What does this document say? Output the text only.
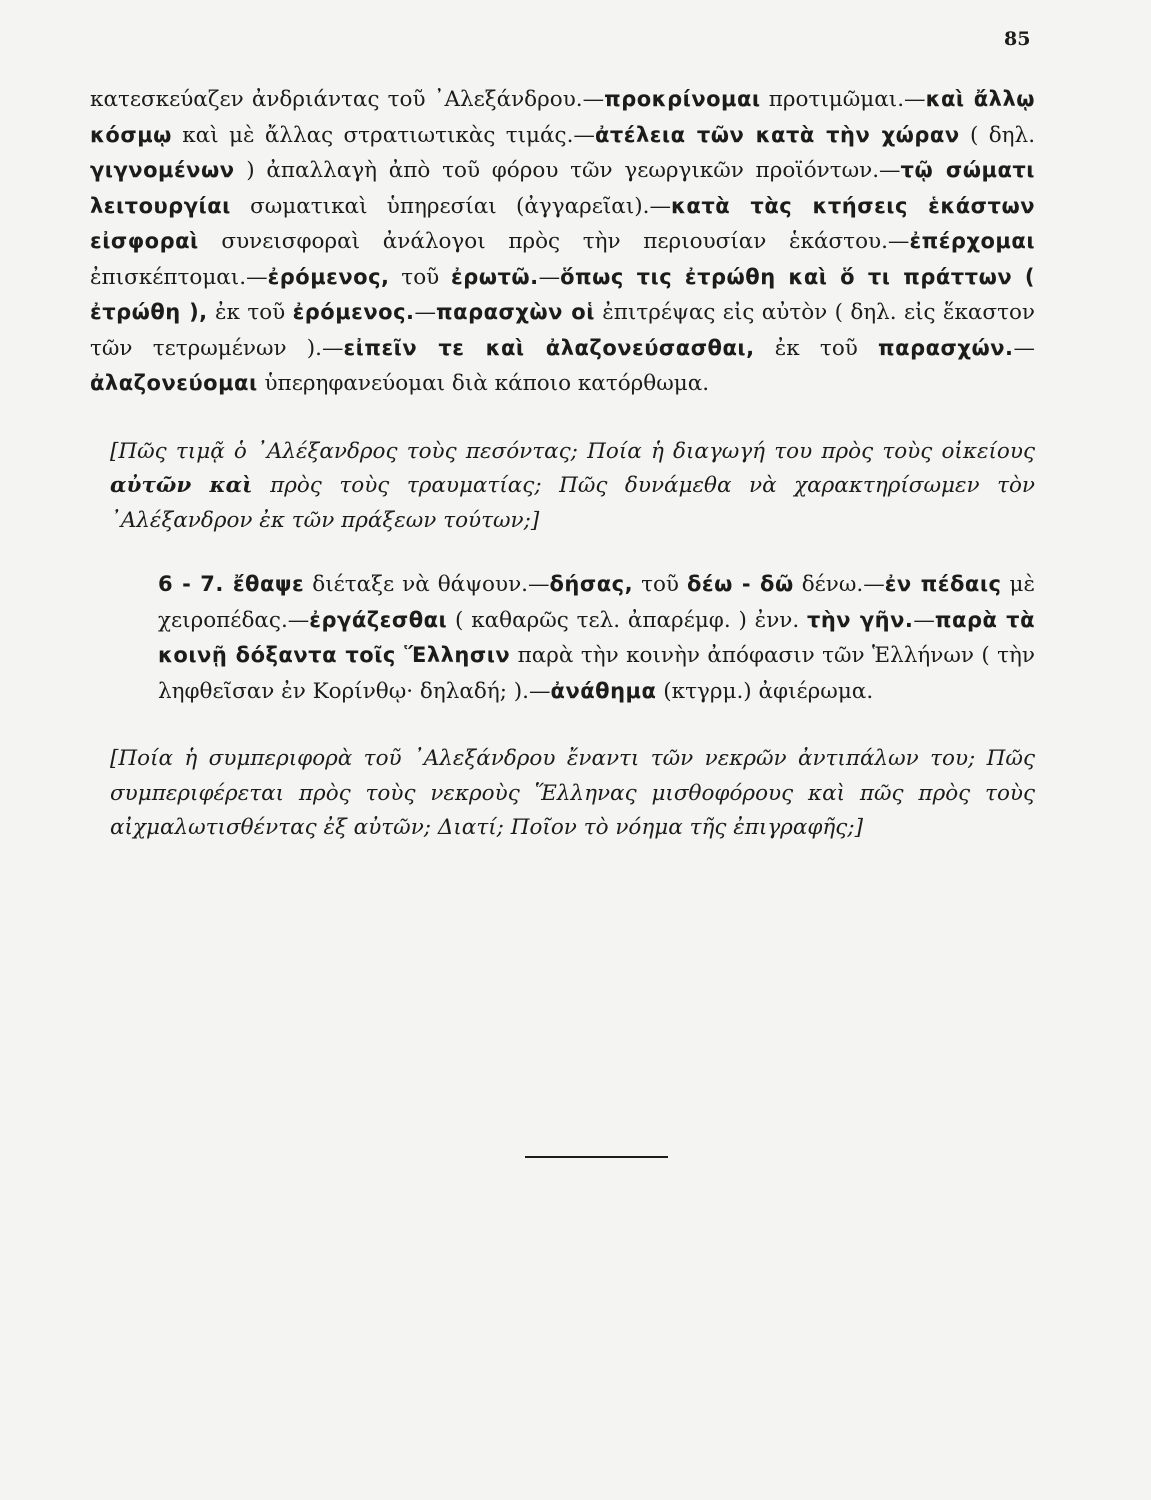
85

κατεσκεύαζεν ἀνδριάντας τοῦ ᾿Αλεξάνδρου.—προκρίνομαι προτιμῶμαι.—καὶ ἄλλῳ κόσμῳ καὶ μὲ ἄλλας στρατιωτικὰς τιμάς.—ἀτέλεια τῶν κατὰ τὴν χώραν ( δηλ. γιγνομένων ) ἀπαλλαγὴ ἀπὸ τοῦ φόρου τῶν γεωργικῶν προϊόντων.—τῷ σώματι λειτουργίαι σωματικαὶ ὑπηρεσίαι (ἀγγαρεῖαι).—κατὰ τὰς κτήσεις ἑκάστων εἰσφοραὶ συνεισφοραὶ ἀνάλογοι πρὸς τὴν περιουσίαν ἑκάστου.—ἐπέρχομαι ἐπισκέπτομαι.—ἐρόμενος, τοῦ ἐρωτῶ.—ὅπως τις ἐτρώθη καὶ ὅ τι πράττων ( ἐτρώθη ), ἐκ τοῦ ἐρόμενος.—παρασχὼν οἱ ἐπιτρέψας εἰς αὐτὸν ( δηλ. εἰς ἕκαστον τῶν τετρωμένων ).—εἰπεῖν τε καὶ ἀλαζονεύσασθαι, ἐκ τοῦ παρασχών.—ἀλαζονεύομαι ὑπερηφανεύομαι διὰ κάποιο κατόρθωμα.

[Πῶς τιμᾷ ὁ ᾿Αλέξανδρος τοὺς πεσόντας; Ποία ἡ διαγωγή του πρὸς τοὺς οἰκείους αὐτῶν καὶ πρὸς τοὺς τραυματίας; Πῶς δυνάμεθα νὰ χαρακτηρίσωμεν τὸν ᾿Αλέξανδρον ἐκ τῶν πράξεων τούτων;]

6 - 7. ἔθαψε διέταξε νὰ θάψουν.—δήσας, τοῦ δέω - δῶ δένω.—ἐν πέδαις μὲ χειροπέδας.—ἐργάζεσθαι ( καθαρῶς τελ. ἀπαρέμφ. ) ἐνν. τὴν γῆν.—παρὰ τὰ κοινῇ δόξαντα τοῖς Ἕλλησιν παρὰ τὴν κοινὴν ἀπόφασιν τῶν Ἑλλήνων ( τὴν ληφθεῖσαν ἐν Κορίνθῳ· δηλαδή; ).—ἀνάθημα (κτγρμ.) ἀφιέρωμα.

[Ποία ἡ συμπεριφορὰ τοῦ ᾿Αλεξάνδρου ἔναντι τῶν νεκρῶν ἀντιπάλων του; Πῶς συμπεριφέρεται πρὸς τοὺς νεκροὺς Ἕλληνας μισθοφόρους καὶ πῶς πρὸς τοὺς αἰχμαλωτισθέντας ἐξ αὐτῶν; Διατί; Ποῖον τὸ νόημα τῆς ἐπιγραφῆς;]
